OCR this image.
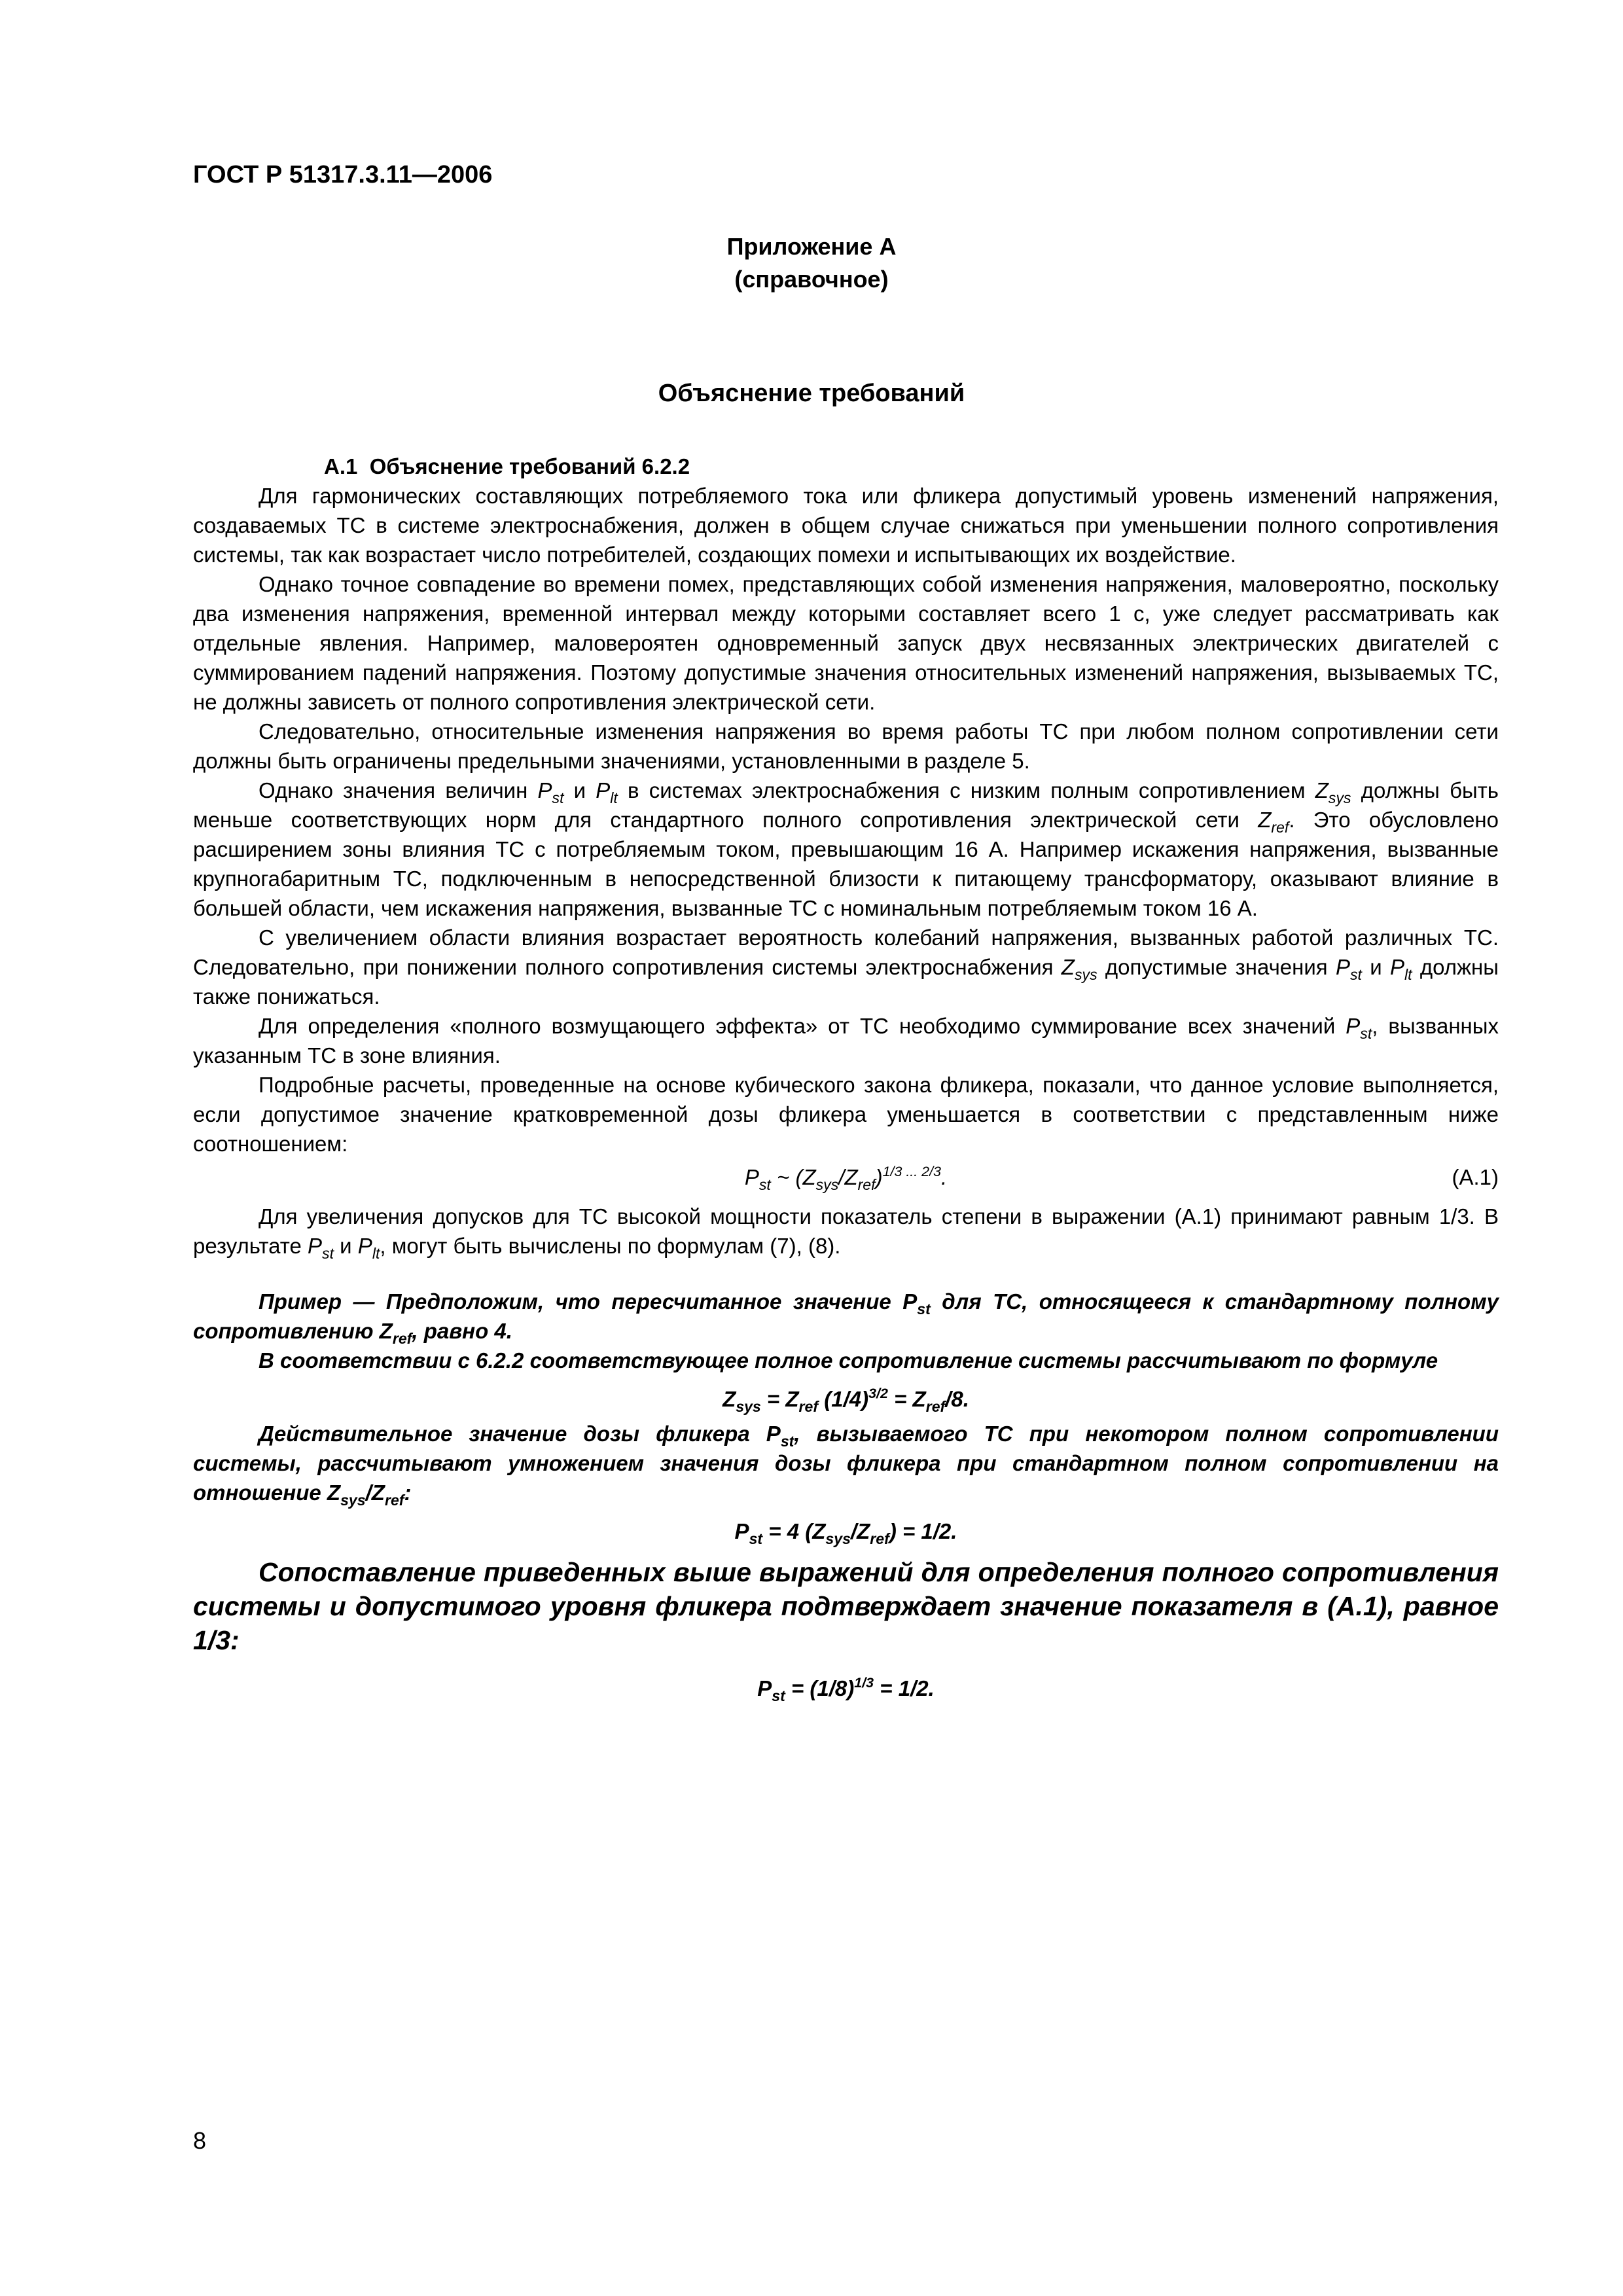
ГОСТ Р 51317.3.11—2006
Приложение А
(справочное)
Объяснение требований

А.1 Объяснение требований 6.2.2

Для гармонических составляющих потребляемого тока или фликера допустимый уровень изменений напряжения, создаваемых ТС в системе электроснабжения, должен в общем случае снижаться при уменьшении полного сопротивления системы, так как возрастает число потребителей, создающих помехи и испытывающих их воздействие.

Однако точное совпадение во времени помех, представляющих собой изменения напряжения, маловероятно, поскольку два изменения напряжения, временной интервал между которыми составляет всего 1 с, уже следует рассматривать как отдельные явления. Например, маловероятен одновременный запуск двух несвязанных электрических двигателей с суммированием падений напряжения. Поэтому допустимые значения относительных изменений напряжения, вызываемых ТС, не должны зависеть от полного сопротивления электрической сети.

Следовательно, относительные изменения напряжения во время работы ТС при любом полном сопротивлении сети должны быть ограничены предельными значениями, установленными в разделе 5.

Однако значения величин $P_{st}$ и $P_{lt}$ в системах электроснабжения с низким полным сопротивлением $Z_{sys}$ должны быть меньше соответствующих норм для стандартного полного сопротивления электрической сети $Z_{ref}$. Это обусловлено расширением зоны влияния ТС с потребляемым током, превышающим 16 А. Например искажения напряжения, вызванные крупногабаритным ТС, подключенным в непосредственной близости к питающему трансформатору, оказывают влияние в большей области, чем искажения напряжения, вызванные ТС с номинальным потребляемым током 16 А.

С увеличением области влияния возрастает вероятность колебаний напряжения, вызванных работой различных ТС. Следовательно, при понижении полного сопротивления системы электроснабжения $Z_{sys}$ допустимые значения $P_{st}$ и $P_{lt}$ должны также понижаться.

Для определения «полного возмущающего эффекта» от ТС необходимо суммирование всех значений $P_{st}$, вызванных указанным ТС в зоне влияния.

Подробные расчеты, проведенные на основе кубического закона фликера, показали, что данное условие выполняется, если допустимое значение кратковременной дозы фликера уменьшается в соответствии с представленным ниже соотношением:

$P_{st}$ ~ $(Z_{sys}/Z_{ref})^{1/3 ... 2/3}$.	(А.1)

Для увеличения допусков для ТС высокой мощности показатель степени в выражении (А.1) принимают равным 1/3. В результате $P_{st}$ и $P_{lt}$, могут быть вычислены по формулам (7), (8).

Пример — Предположим, что пересчитанное значение $P_{st}$ для ТС, относящееся к стандартному полному сопротивлению $Z_{ref}$, равно 4.

В соответствии с 6.2.2 соответствующее полное сопротивление системы рассчитывают по формуле

$Z_{sys} = Z_{ref}$ $(1/4)^{3/2} = Z_{ref}/8$.

Действительное значение дозы фликера $P_{st}$, вызываемого ТС при некотором полном сопротивлении системы, рассчитывают умножением значения дозы фликера при стандартном полном сопротивлении на отношение $Z_{sys}/Z_{ref}$:

$P_{st} = 4$ $(Z_{sys}/Z_{ref}) = 1/2$.

Сопоставление приведенных выше выражений для определения полного сопротивления системы и допустимого уровня фликера подтверждает значение показателя в (А.1), равное 1/3:

$P_{st} = (1/8)^{1/3} = 1/2$.

8
